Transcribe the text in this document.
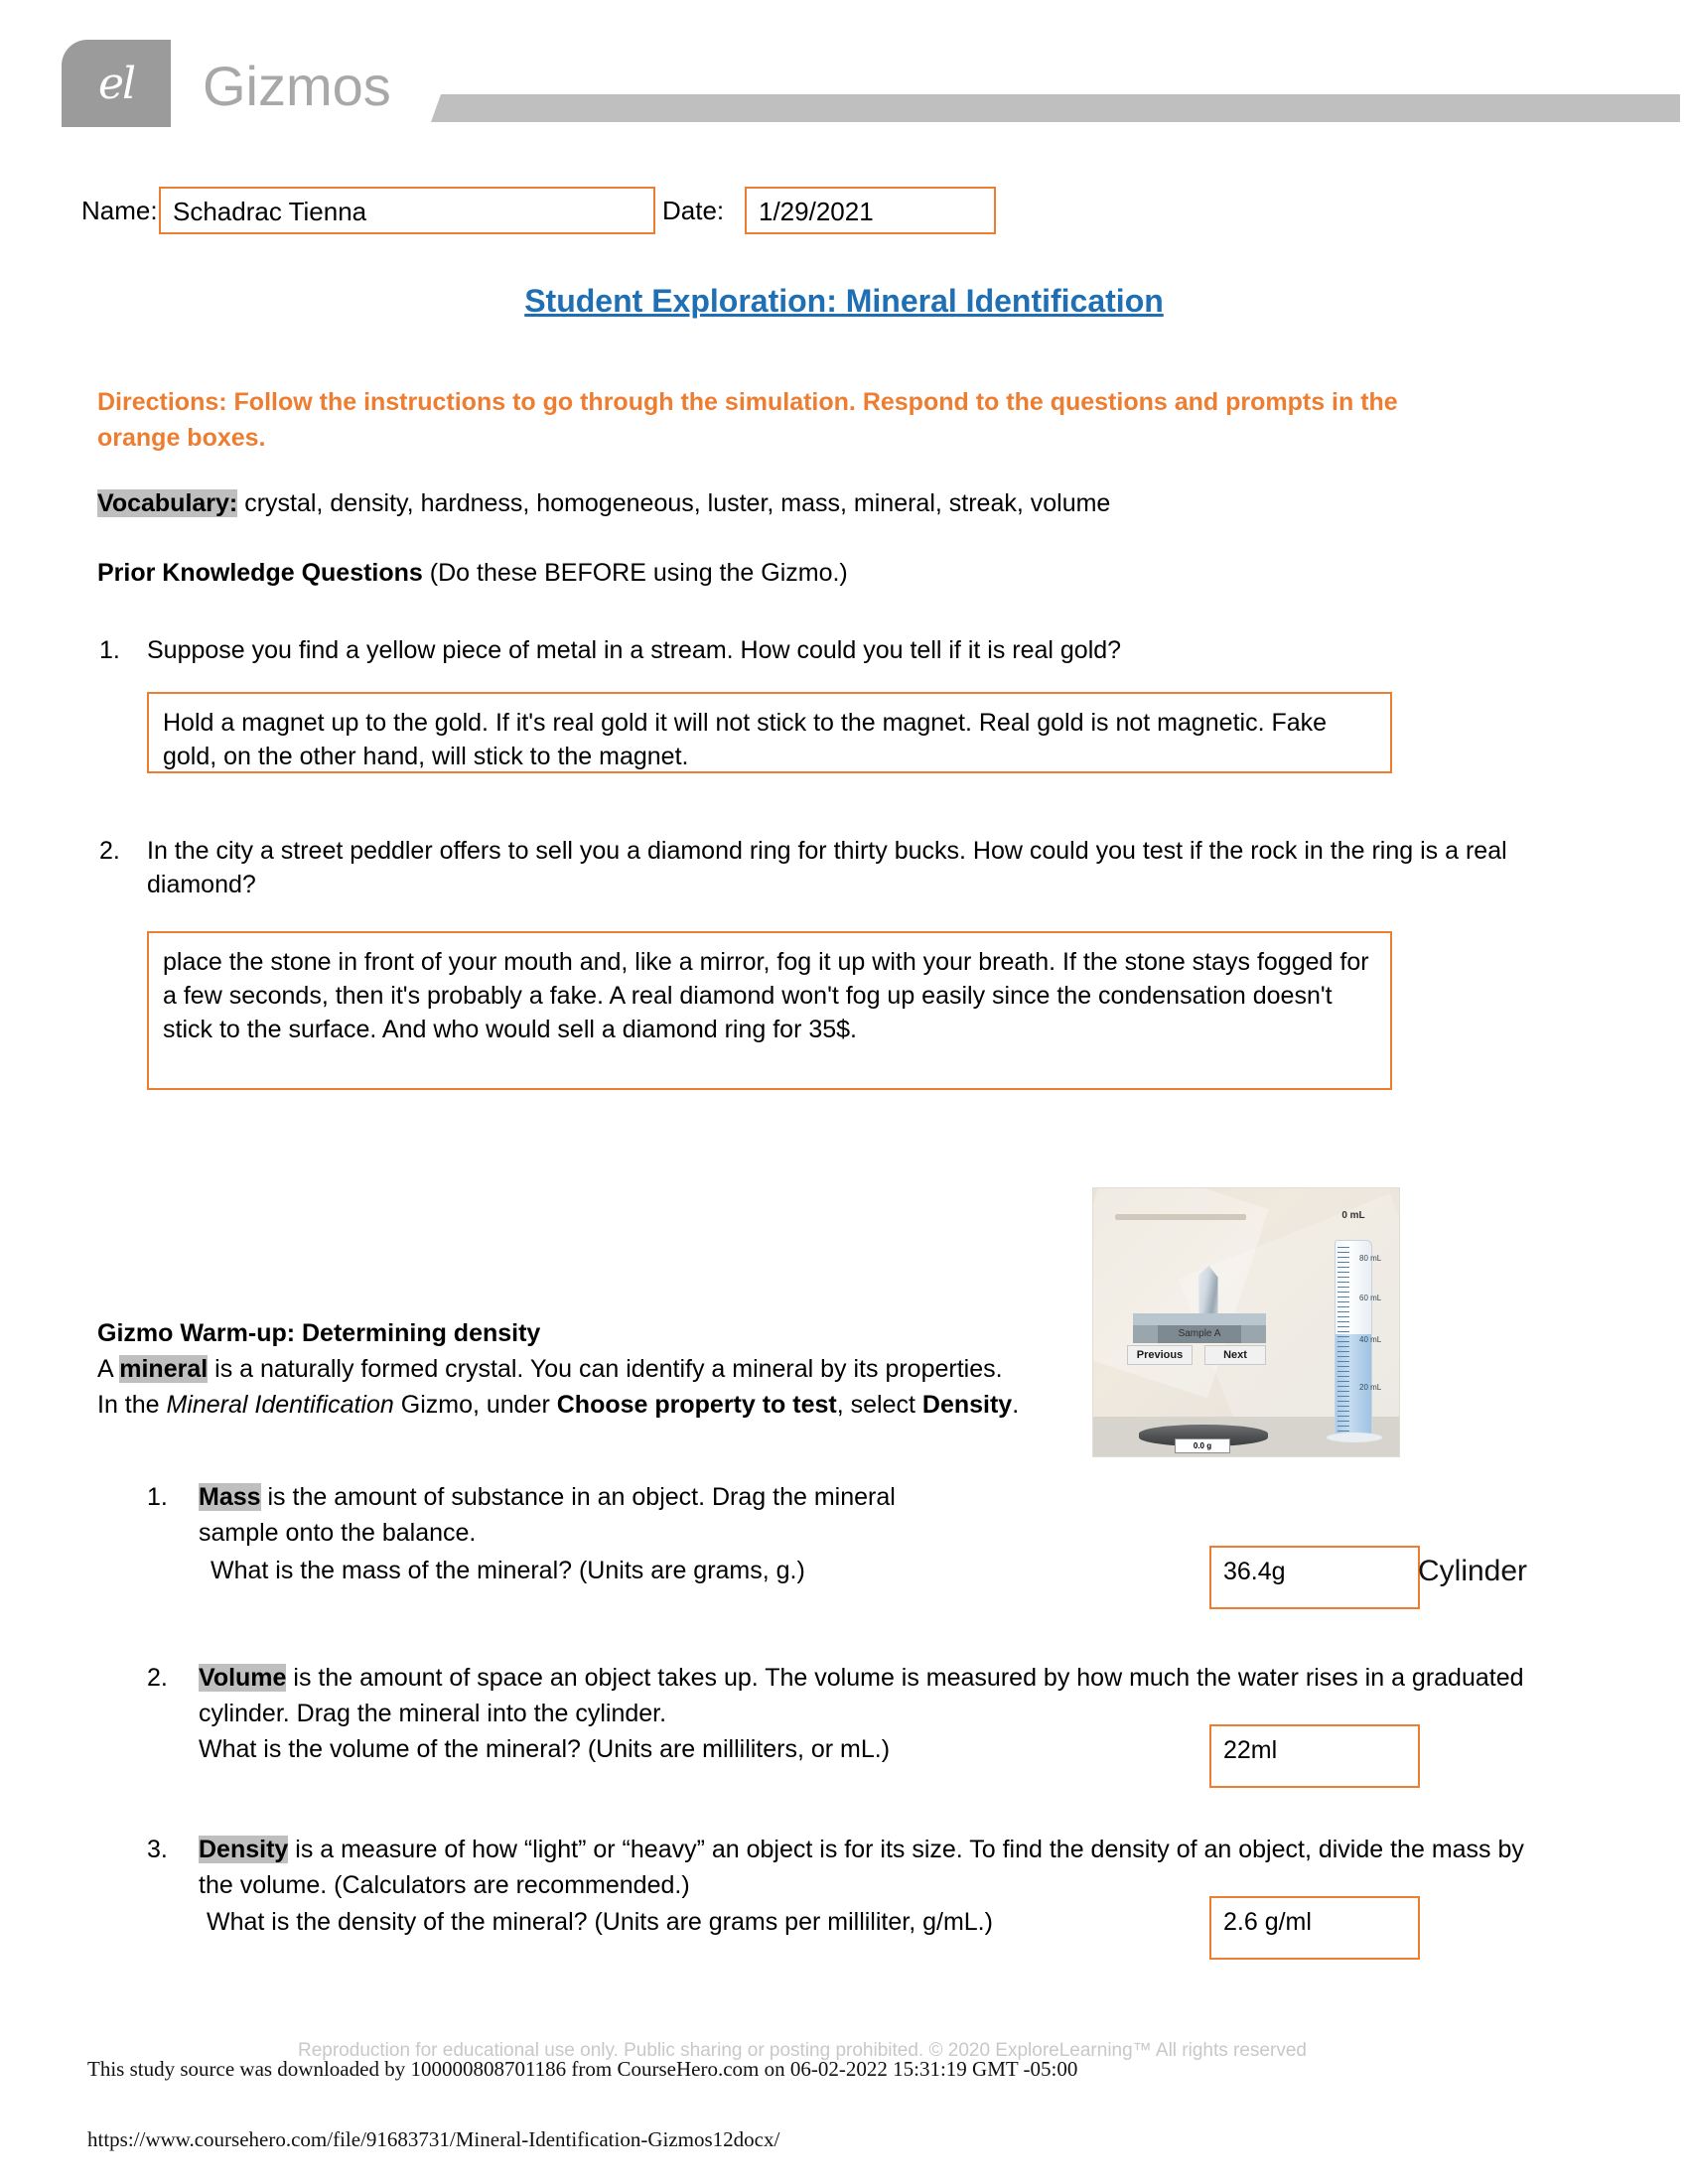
el	Gizmos
Name: Schadrac Tienna	Date: 1/29/2021
Student Exploration: Mineral Identification
Directions: Follow the instructions to go through the simulation. Respond to the questions and prompts in the orange boxes.
Vocabulary: crystal, density, hardness, homogeneous, luster, mass, mineral, streak, volume
Prior Knowledge Questions (Do these BEFORE using the Gizmo.)
1.	Suppose you find a yellow piece of metal in a stream. How could you tell if it is real gold?
Hold a magnet up to the gold. If it's real gold it will not stick to the magnet. Real gold is not magnetic. Fake gold, on the other hand, will stick to the magnet.
2.	In the city a street peddler offers to sell you a diamond ring for thirty bucks. How could you test if the rock in the ring is a real diamond?
place the stone in front of your mouth and, like a mirror, fog it up with your breath. If the stone stays fogged for a few seconds, then it's probably a fake. A real diamond won't fog up easily since the condensation doesn't stick to the surface. And who would sell a diamond ring for 35$.
Sample A
Previous	Next
0.0 g
0 mL
80 mL
60 mL
40 mL
20 mL
Gizmo Warm-up: Determining density
A mineral is a naturally formed crystal. You can identify a mineral by its properties. In the Mineral Identification Gizmo, under Choose property to test, select Density.
1.	Mass is the amount of substance in an object. Drag the mineral sample onto the balance.
What is the mass of the mineral? (Units are grams, g.)	36.4g	Cylinder
2.	Volume is the amount of space an object takes up. The volume is measured by how much the water rises in a graduated cylinder. Drag the mineral into the cylinder.
What is the volume of the mineral? (Units are milliliters, or mL.)	22ml
3.	Density is a measure of how “light” or “heavy” an object is for its size. To find the density of an object, divide the mass by the volume. (Calculators are recommended.)
What is the density of the mineral? (Units are grams per milliliter, g/mL.)	2.6 g/ml
Reproduction for educational use only. Public sharing or posting prohibited. © 2020 ExploreLearning™ All rights reserved
This study source was downloaded by 100000808701186 from CourseHero.com on 06-02-2022 15:31:19 GMT -05:00
https://www.coursehero.com/file/91683731/Mineral-Identification-Gizmos12docx/
